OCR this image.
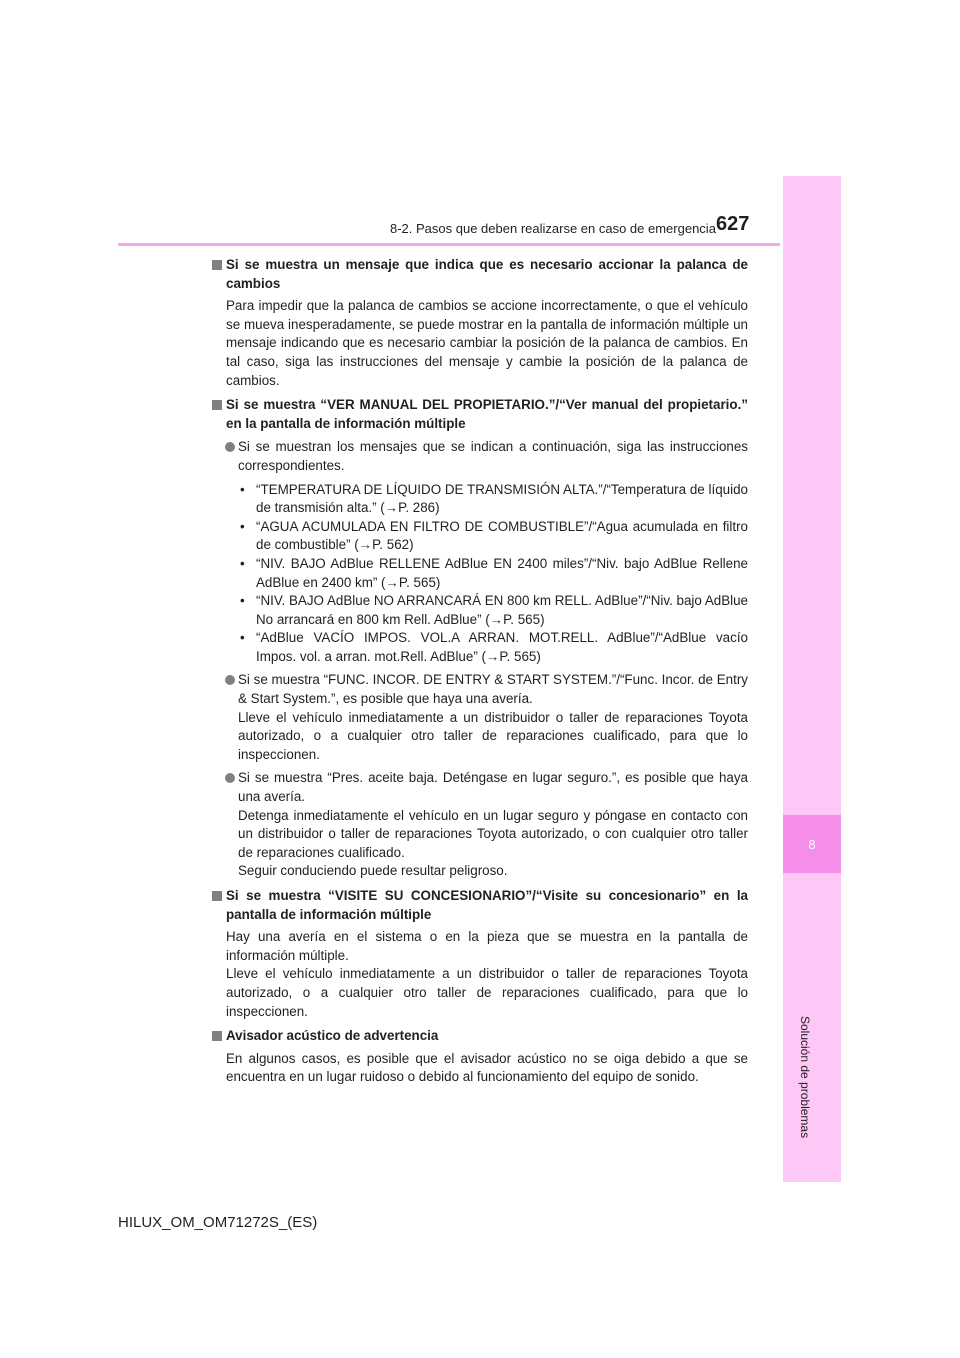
8-2. Pasos que deben realizarse en caso de emergencia 627
8
Solución de problemas
Si se muestra un mensaje que indica que es necesario accionar la palanca de cambios
Para impedir que la palanca de cambios se accione incorrectamente, o que el vehículo se mueva inesperadamente, se puede mostrar en la pantalla de información múltiple un mensaje indicando que es necesario cambiar la posición de la palanca de cambios. En tal caso, siga las instrucciones del mensaje y cambie la posición de la palanca de cambios.
Si se muestra “VER MANUAL DEL PROPIETARIO.”/“Ver manual del propietario.” en la pantalla de información múltiple
Si se muestran los mensajes que se indican a continuación, siga las instrucciones correspondientes.
• “TEMPERATURA DE LÍQUIDO DE TRANSMISIÓN ALTA.”/“Temperatura de líquido de transmisión alta.” (→P. 286)
• “AGUA ACUMULADA EN FILTRO DE COMBUSTIBLE”/“Agua acumulada en filtro de combustible” (→P. 562)
• “NIV. BAJO AdBlue RELLENE AdBlue EN 2400 miles”/“Niv. bajo AdBlue Rellene AdBlue en 2400 km” (→P. 565)
• “NIV. BAJO AdBlue NO ARRANCARÁ EN 800 km RELL. AdBlue”/“Niv. bajo AdBlue No arrancará en 800 km Rell. AdBlue” (→P. 565)
• “AdBlue VACÍO IMPOS. VOL.A ARRAN. MOT.RELL. AdBlue”/“AdBlue vacío Impos. vol. a arran. mot.Rell. AdBlue” (→P. 565)
Si se muestra “FUNC. INCOR. DE ENTRY & START SYSTEM.”/“Func. Incor. de Entry & Start System.”, es posible que haya una avería.
Lleve el vehículo inmediatamente a un distribuidor o taller de reparaciones Toyota autorizado, o a cualquier otro taller de reparaciones cualificado, para que lo inspeccionen.
Si se muestra “Pres. aceite baja. Deténgase en lugar seguro.”, es posible que haya una avería.
Detenga inmediatamente el vehículo en un lugar seguro y póngase en contacto con un distribuidor o taller de reparaciones Toyota autorizado, o con cualquier otro taller de reparaciones cualificado.
Seguir conduciendo puede resultar peligroso.
Si se muestra “VISITE SU CONCESIONARIO”/“Visite su concesionario” en la pantalla de información múltiple
Hay una avería en el sistema o en la pieza que se muestra en la pantalla de información múltiple.
Lleve el vehículo inmediatamente a un distribuidor o taller de reparaciones Toyota autorizado, o a cualquier otro taller de reparaciones cualificado, para que lo inspeccionen.
Avisador acústico de advertencia
En algunos casos, es posible que el avisador acústico no se oiga debido a que se encuentra en un lugar ruidoso o debido al funcionamiento del equipo de sonido.
HILUX_OM_OM71272S_(ES)
